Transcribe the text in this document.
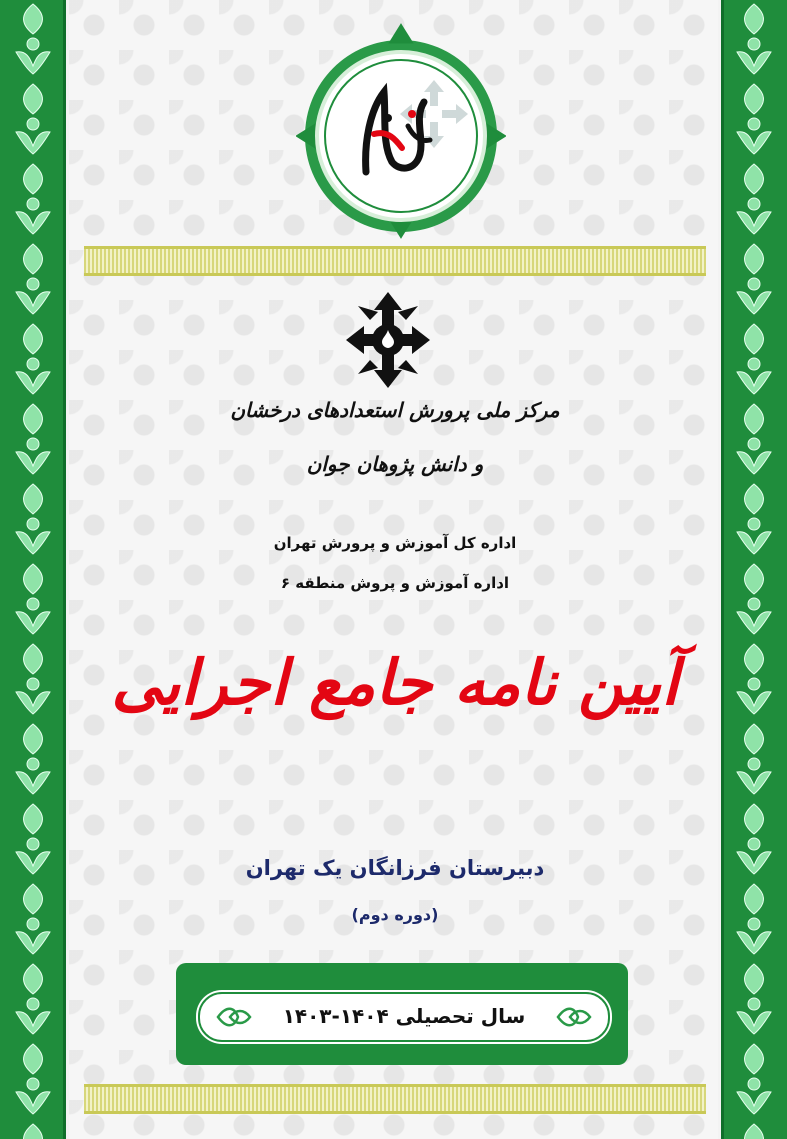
مرکز ملی پرورش استعدادهای درخشان
و دانش پژوهان جوان
اداره کل آموزش و پرورش تهران
اداره آموزش و پروش منطقه ۶
آیین نامه جامع اجرایی
دبیرستان فرزانگان یک تهران
(دوره دوم)
سال تحصیلی ۱۴۰۴-۱۴۰۳
